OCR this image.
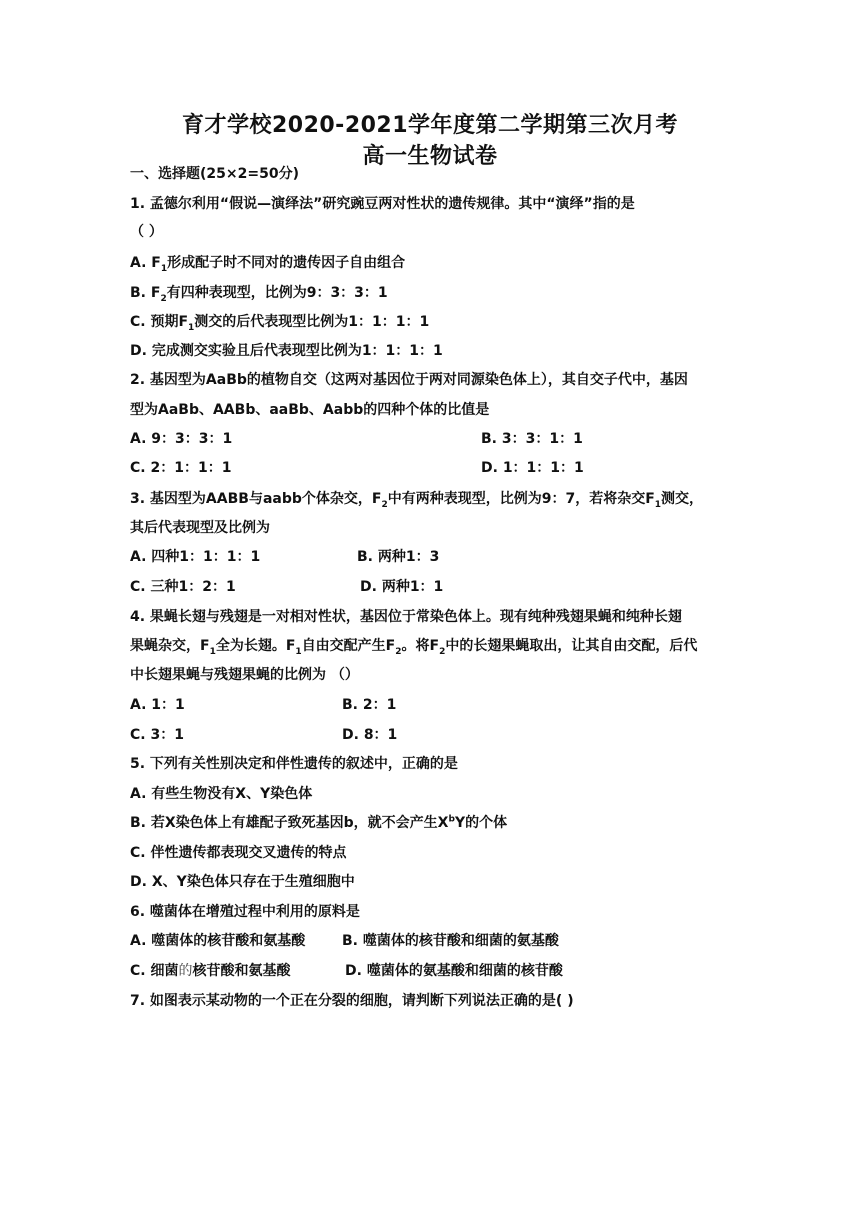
育才学校2020-2021学年度第二学期第三次月考
高一生物试卷
一、选择题(25×2=50分)
1. 孟德尔利用“假说—演绎法”研究豌豆两对性状的遗传规律。其中“演绎”指的是
（ ）
A. $F_1$形成配子时不同对的遗传因子自由组合
B. $F_2$有四种表现型，比例为9：3：3：1
C. 预期$F_1$测交的后代表现型比例为1：1：1：1
D. 完成测交实验且后代表现型比例为1：1：1：1
2. 基因型为AaBb的植物自交（这两对基因位于两对同源染色体上），其自交子代中，基因
型为AaBb、AABb、aaBb、Aabb的四种个体的比值是
A. 9：3：3：1	B. 3：3：1：1
C. 2：1：1：1	D. 1：1：1：1
3. 基因型为AABB与aabb个体杂交，$F_2$中有两种表现型，比例为9：7，若将杂交$F_1$测交，
其后代表现型及比例为
A. 四种1：1：1：1	B. 两种1：3
C. 三种1：2：1	D. 两种1：1
4. 果蝇长翅与残翅是一对相对性状，基因位于常染色体上。现有纯种残翅果蝇和纯种长翅
果蝇杂交，$F_1$全为长翅。$F_1$自由交配产生$F_2$。将$F_2$中的长翅果蝇取出，让其自由交配，后代
中长翅果蝇与残翅果蝇的比例为 （）
A. 1：1	B. 2：1
C. 3：1	D. 8：1
5. 下列有关性别决定和伴性遗传的叙述中，正确的是
A. 有些生物没有X、Y染色体
B. 若X染色体上有雄配子致死基因b，就不会产生$X^bY$的个体
C. 伴性遗传都表现交叉遗传的特点
D. X、Y染色体只存在于生殖细胞中
6. 噬菌体在增殖过程中利用的原料是
A. 噬菌体的核苷酸和氨基酸	B. 噬菌体的核苷酸和细菌的氨基酸
C. 细菌的核苷酸和氨基酸	D. 噬菌体的氨基酸和细菌的核苷酸
7. 如图表示某动物的一个正在分裂的细胞，请判断下列说法正确的是( )
